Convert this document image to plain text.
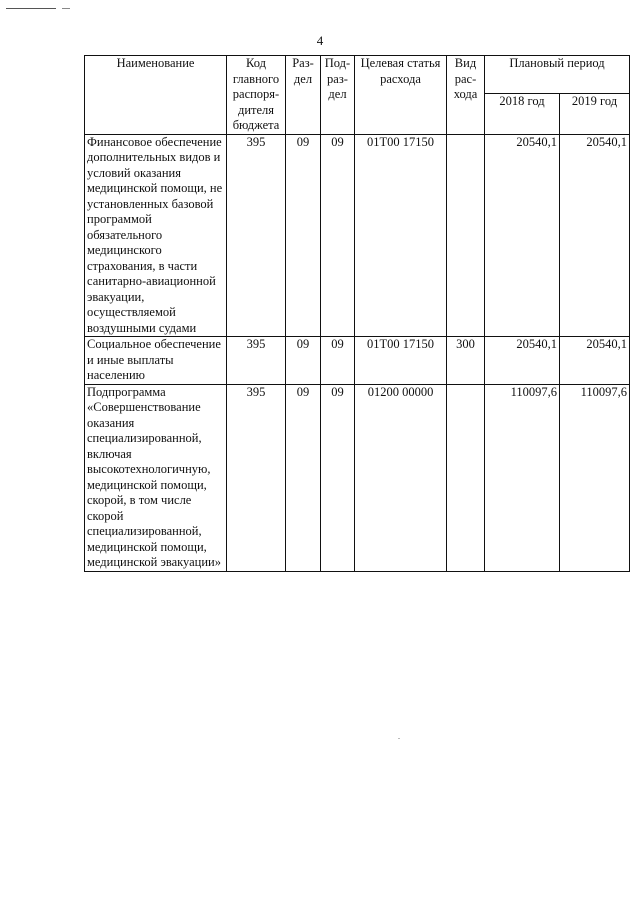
4
Наименование	Код главного распоря-дителя бюджета	Раз-дел	Под-раз-дел	Целевая статья расхода	Вид рас-хода	Плановый период	
						2018 год	2019 год
Финансовое обеспечение дополнительных видов и условий оказания медицинской помощи, не установленных базовой программой обязательного медицинского страхования, в части санитарно-авиационной эвакуации, осуществляемой воздушными судами	395	09	09	01Т00 17150		20540,1	20540,1
Социальное обеспечение и иные выплаты населению	395	09	09	01Т00 17150	300	20540,1	20540,1
Подпрограмма «Совершенствование оказания специализированной, включая высокотехнологичную, медицинской помощи, скорой, в том числе скорой специализированной, медицинской помощи, медицинской эвакуации»	395	09	09	01200 00000		110097,6	110097,6
